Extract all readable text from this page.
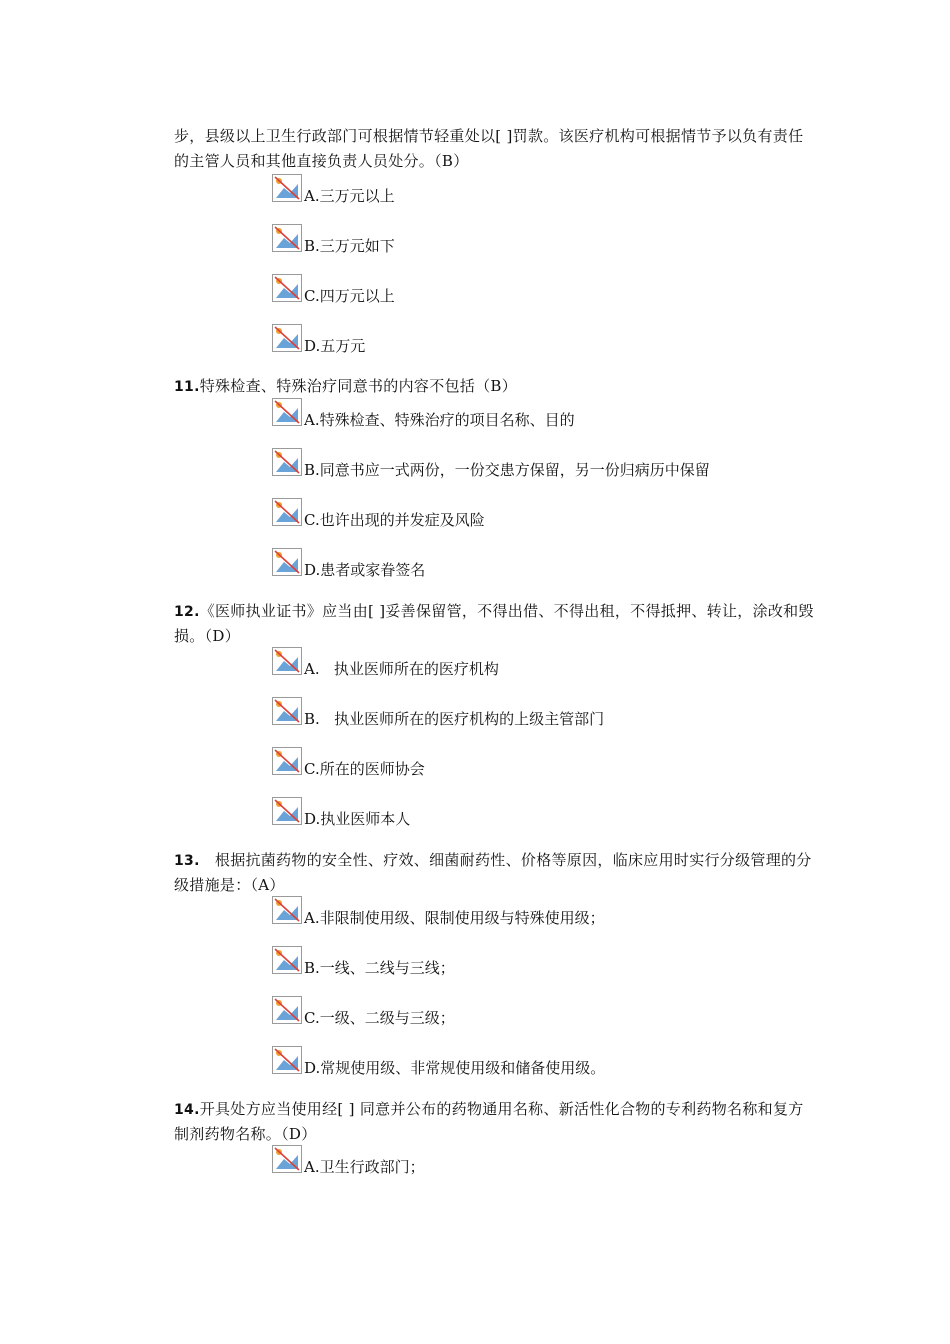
步，县级以上卫生行政部门可根据情节轻重处以[ ]罚款。该医疗机构可根据情节予以负有责任的主管人员和其他直接负责人员处分。（B）
A.三万元以上
B.三万元如下
C.四万元以上
D.五万元
11.特殊检查、特殊治疗同意书的内容不包括（B）
A.特殊检查、特殊治疗的项目名称、目的
B.同意书应一式两份，一份交患方保留，另一份归病历中保留
C.也许出现的并发症及风险
D.患者或家眷签名
12.《医师执业证书》应当由[ ]妥善保留管，不得出借、不得出租，不得抵押、转让，涂改和毁损。（D）
A.   执业医师所在的医疗机构
B.   执业医师所在的医疗机构的上级主管部门
C.所在的医师协会
D.执业医师本人
13.   根据抗菌药物的安全性、疗效、细菌耐药性、价格等原因，临床应用时实行分级管理的分级措施是：（A）
A.非限制使用级、限制使用级与特殊使用级；
B.一线、二线与三线；
C.一级、二级与三级；
D.常规使用级、非常规使用级和储备使用级。
14.开具处方应当使用经[ ] 同意并公布的药物通用名称、新活性化合物的专利药物名称和复方制剂药物名称。（D）
A.卫生行政部门；
